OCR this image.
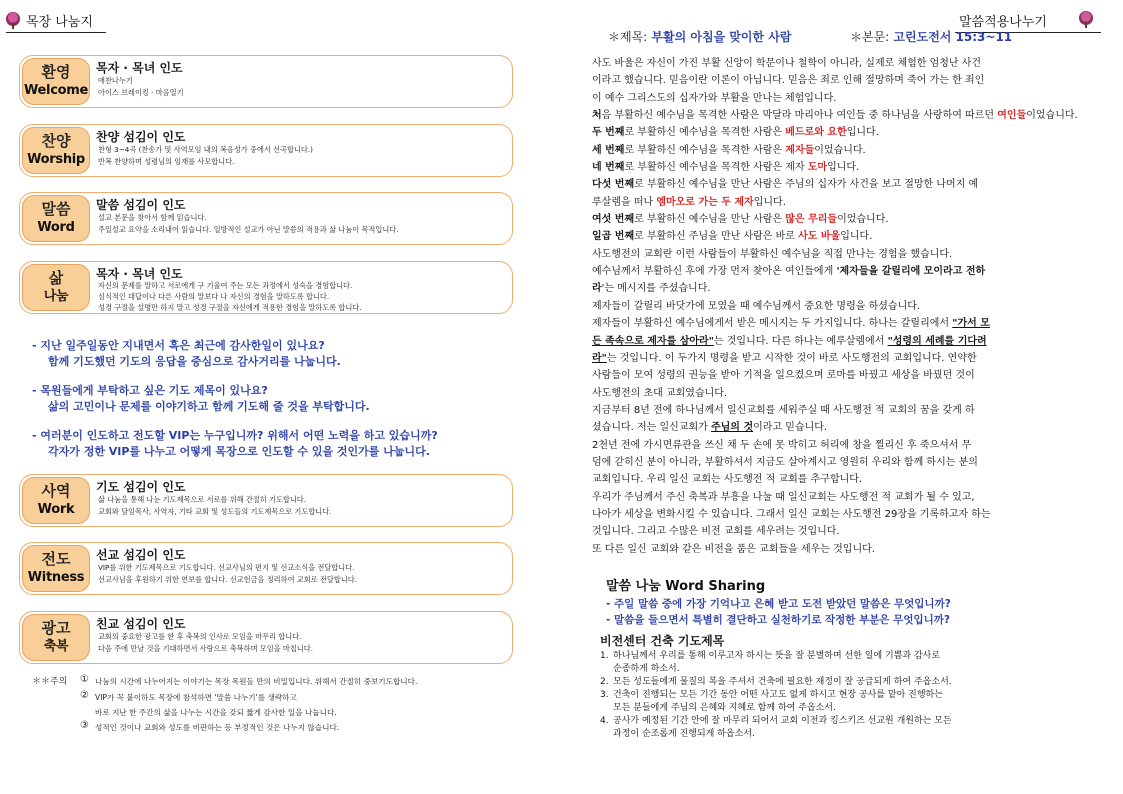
목장 나눔지
환영
Welcome
목자 · 목녀 인도
애찬나누기
아이스 브레이킹 · 마음열기
찬양
Worship
찬양 섬김이 인도
찬형 3~4곡 (찬송가 및 사역모임 내의 복음성가 중에서 선곡합니다.)
반복 찬양하며 성령님의 임재를 사모합니다.
말씀
Word
말씀 섬김이 인도
설교 본문을 찾아서 함께 읽습니다.
주일설교 요약을 소리내어 읽습니다. 일방적인 설교가 아닌 말씀의 적용과 삶 나눔이 목적입니다.
삶
나눔
목자 · 목녀 인도
자신의 문제를 말하고 서로에게 구 기울여 주는 모든 과정에서 성숙을 경험합니다.
심식적인 대답이나 다른 사람의 말보다 나 자신의 경험을 말하도록 합니다.
성경 구절을 설명만 하지 말고 성경 구절을 자신에게 적용한 경험을 말하도록 합니다.
사역
Work
기도 섬김이 인도
삶 나눔을 통해 나눈 기도제목으로 서로를 위해 간절히 기도합니다.
교회와 담임목사, 사역자, 기타 교회 및 성도들의 기도제목으로 기도합니다.
전도
Witness
선교 섬김이 인도
VIP를 위한 기도제목으로 기도합니다. 선교사님의 편지 및 선교소식을 전달합니다.
선교사님을 후원하기 위한 연보를 합니다. 선교헌금을 정리하여 교회로 전달합니다.
광고
축복
친교 섬김이 인도
교회의 중요한 광고를 한 후 축복의 인사로 모임을 마무리 합니다.
다음 주에 만날 것을 기대하면서 사랑으로 축복하며 모임을 마칩니다.
- 지난 일주일동안 지내면서 혹은 최근에 감사한일이 있나요?
함께 기도했던 기도의 응답을 중심으로 감사거리를 나눕니다.
- 목원들에게 부탁하고 싶은 기도 제목이 있나요?
삶의 고민이나 문제를 이야기하고 함께 기도해 줄 것을 부탁합니다.
- 여러분이 인도하고 전도할 VIP는 누구입니까? 위해서 어떤 노력을 하고 있습니까?
각자가 정한 VIP를 나누고 어떻게 목장으로 인도할 수 있을 것인가를 나눕니다.
＊＊주의 ① 나눔의 시간에 나누어지는 이야기는 목장 목원들 만의 비밀입니다. 위해서 간절히 중보기도합니다.
② VIP가 꼭 붙이하도 목장에 참석하면 '말씀 나누기'를 생략하고
바로 지난 한 주간의 삶을 나누는 시간을 갖되 짧게 감사한 일을 나눕니다.
③ 성적인 것이나 교회와 성도를 비판하는 등 부정적인 것은 나누지 않습니다.
말씀적용나누기
＊제목: 부활의 아침을 맞이한 사람	＊본문: 고린도전서 15:3~11
사도 바울은 자신이 가진 부활 신앙이 학문이나 철학이 아니라, 실제로 체험한 엄청난 사건
이라고 했습니다. 믿음이란 이론이 아닙니다. 믿음은 죄로 인해 절망하며 죽어 가는 한 죄인
이 예수 그리스도의 십자가와 부활을 만나는 체험입니다.
처음 부활하신 예수님을 목격한 사람은 막달라 마리아나 여인들 중 하나님을 사랑하여 따르던 여인들이었습니다.
두 번째로 부활하신 예수님을 목격한 사람은 베드로와 요한입니다.
세 번째로 부활하신 예수님을 목격한 사람은 제자들이었습니다.
네 번째로 부활하신 예수님을 목격한 사람은 제자 도마입니다.
다섯 번째로 부활하신 예수님을 만난 사람은 주님의 십자가 사건을 보고 절망한 나머지 예
루살렘을 떠나 엠마오로 가는 두 제자입니다.
여섯 번째로 부활하신 예수님을 만난 사람은 많은 무리들이었습니다.
일곱 번째로 부활하신 주님을 만난 사람은 바로 사도 바울입니다.
사도행전의 교회란 이런 사람들이 부활하신 예수님을 직접 만나는 경험을 했습니다.
예수님께서 부활하신 후에 가장 먼저 찾아온 여인들에게 '제자들을 갈릴리에 모이라고 전하
라'는 메시지를 주셨습니다.
제자들이 갈릴리 바닷가에 모였을 때 예수님께서 중요한 명령을 하셨습니다.
제자들이 부활하신 예수님에게서 받은 메시지는 두 가지입니다. 하나는 갈릴리에서 "가서 모
든 족속으로 제자를 삼아라"는 것입니다. 다른 하나는 예루살렘에서 "성령의 세례를 기다려
라"는 것입니다. 이 두가지 명령을 받고 시작한 것이 바로 사도행전의 교회입니다. 연약한
사람들이 모여 성령의 권능을 받아 기적을 일으켰으며 로마를 바꿨고 세상을 바꿨던 것이
사도행전의 초대 교회였습니다.
지금부터 8년 전에 하나님께서 일신교회를 세워주실 때 사도행전 적 교회의 꿈을 갖게 하
셨습니다. 저는 일신교회가 주님의 것이라고 믿습니다.
2천년 전에 가시면류관을 쓰신 채 두 손에 못 박히고 허리에 창을 찔리신 후 죽으셔서 무
덤에 갇히신 분이 아니라, 부활하셔서 지금도 살아계시고 영원히 우리와 함께 하시는 분의
교회입니다. 우리 일신 교회는 사도행전 적 교회를 추구합니다.
우리가 주님께서 주신 축복과 부흥을 나눌 때 일신교회는 사도행전 적 교회가 될 수 있고,
나아가 세상을 변화시킬 수 있습니다. 그래서 일신 교회는 사도행전 29장을 기록하고자 하는
것입니다. 그리고 수많은 비전 교회를 세우려는 것입니다.
또 다른 일신 교회와 같은 비전을 품은 교회들을 세우는 것입니다.
말씀 나눔 Word Sharing
- 주일 말씀 중에 가장 기억나고 은혜 받고 도전 받았던 말씀은 무엇입니까?
- 말씀을 들으면서 특별히 결단하고 실천하기로 작정한 부분은 무엇입니까?
비전센터 건축 기도제목
1. 하나님께서 우리를 통해 이루고자 하시는 뜻을 잘 분별하며 선한 일에 기쁨과 감사로
순종하게 하소서.
2. 모든 성도들에게 물질의 복을 주셔서 건축에 필요한 재정이 잘 공급되게 하여 주옵소서.
3. 건축이 진행되는 모든 기간 동안 어떤 사고도 없게 하시고 현장 공사를 맡아 진행하는
모든 분들에게 주님의 은혜와 지혜로 함께 하여 주옵소서.
4. 공사가 예정된 기간 안에 잘 마무리 되어서 교회 이전과 킹스키즈 선교원 개원하는 모든
과정이 순조롭게 진행되게 하옵소서.
